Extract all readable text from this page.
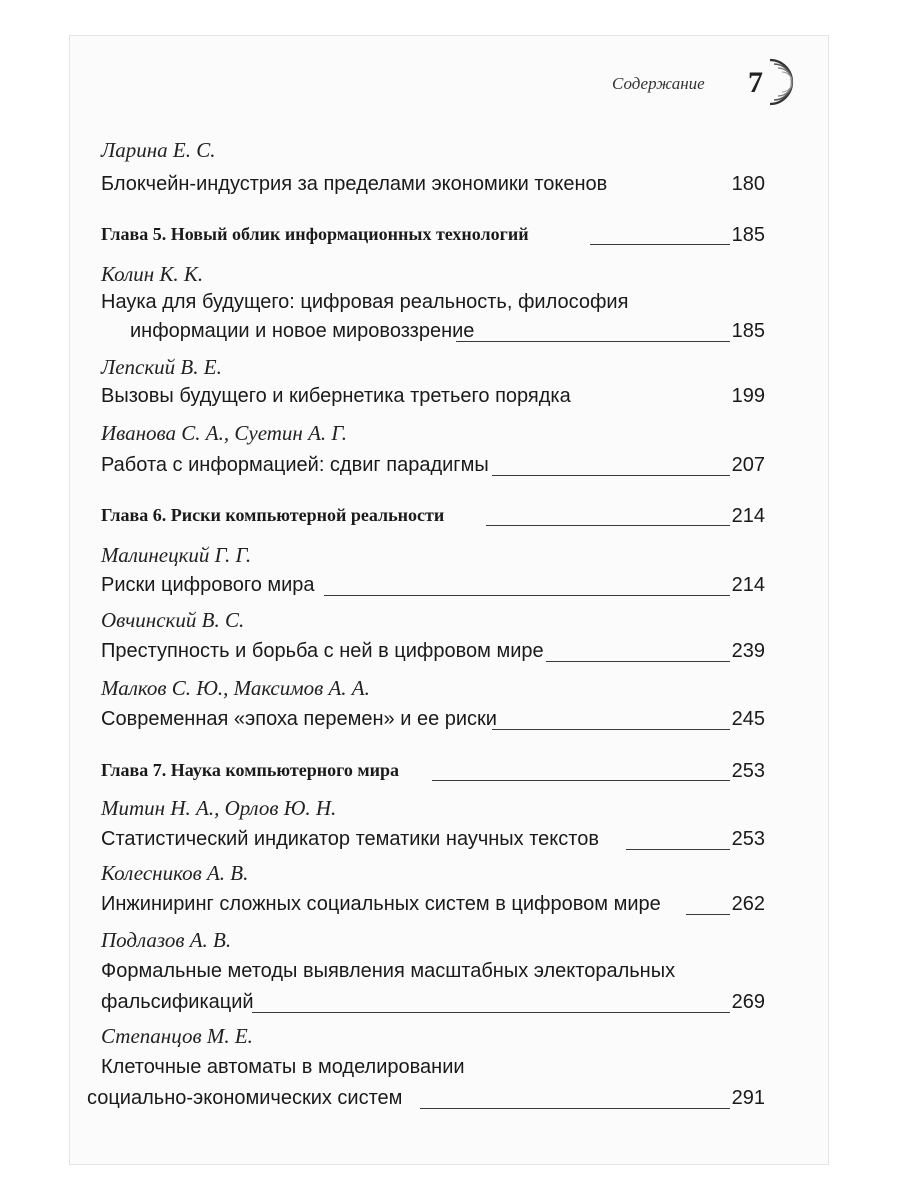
Содержание 7
Ларина Е. С.
Блокчейн-индустрия за пределами экономики токенов	180
Глава 5. Новый облик информационных технологий	185
Колин К. К.
Наука для будущего: цифровая реальность, философия
информации и новое мировоззрение	185
Лепский В. Е.
Вызовы будущего и кибернетика третьего порядка	199
Иванова С. А., Суетин А. Г.
Работа с информацией: сдвиг парадигмы	207
Глава 6. Риски компьютерной реальности	214
Малинецкий Г. Г.
Риски цифрового мира	214
Овчинский В. С.
Преступность и борьба с ней в цифровом мире	239
Малков С. Ю., Максимов А. А.
Современная «эпоха перемен» и ее риски	245
Глава 7. Наука компьютерного мира	253
Митин Н. А., Орлов Ю. Н.
Статистический индикатор тематики научных текстов	253
Колесников А. В.
Инжиниринг сложных социальных систем в цифровом мире	262
Подлазов А. В.
Формальные методы выявления масштабных электоральных
фальсификаций	269
Степанцов М. Е.
Клеточные автоматы в моделировании
социально-экономических систем	291
